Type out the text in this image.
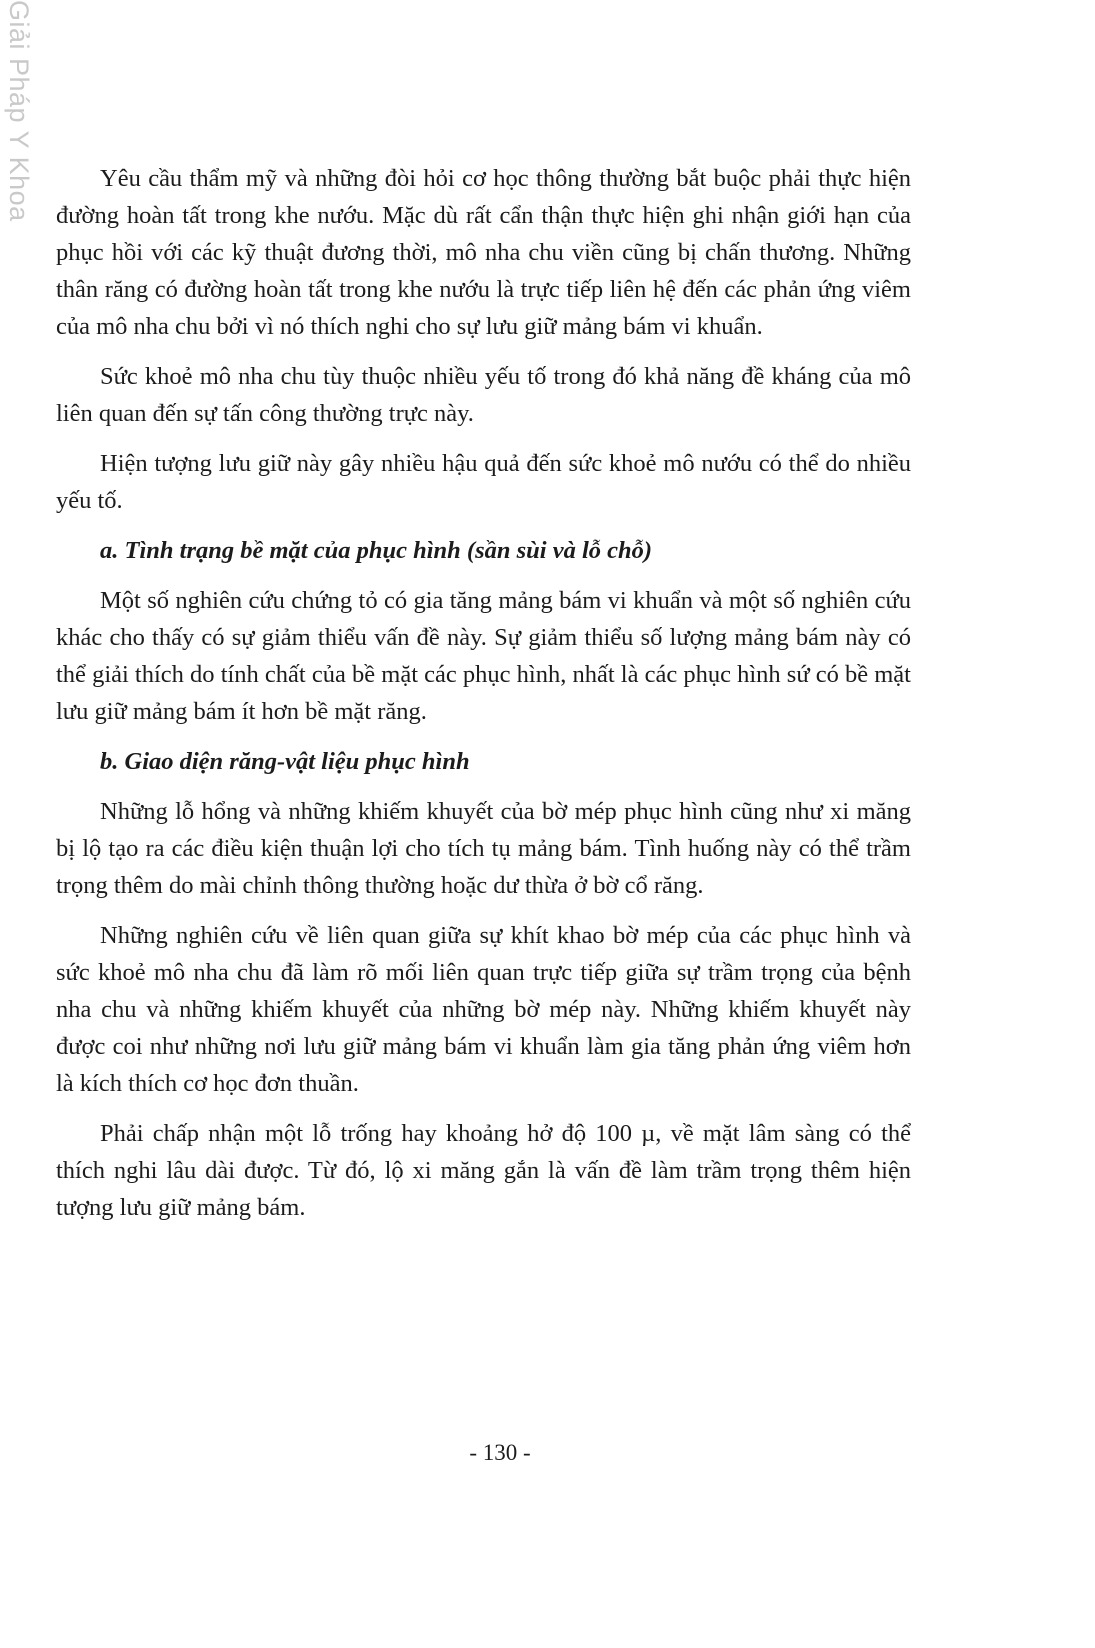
Giải Pháp Y Khoa	Yêu cầu thẩm mỹ và những đòi hỏi cơ học thông thường bắt buộc phải thực hiện đường hoàn tất trong khe nướu. Mặc dù rất cẩn thận thực hiện ghi nhận giới hạn của phục hồi với các kỹ thuật đương thời, mô nha chu viền cũng bị chấn thương. Những thân răng có đường hoàn tất trong khe nướu là trực tiếp liên hệ đến các phản ứng viêm của mô nha chu bởi vì nó thích nghi cho sự lưu giữ mảng bám vi khuẩn.

Sức khoẻ mô nha chu tùy thuộc nhiều yếu tố trong đó khả năng đề kháng của mô liên quan đến sự tấn công thường trực này.

Hiện tượng lưu giữ này gây nhiều hậu quả đến sức khoẻ mô nướu có thể do nhiều yếu tố.

a. Tình trạng bề mặt của phục hình (sần sùi và lỗ chỗ)

Một số nghiên cứu chứng tỏ có gia tăng mảng bám vi khuẩn và một số nghiên cứu khác cho thấy có sự giảm thiểu vấn đề này. Sự giảm thiểu số lượng mảng bám này có thể giải thích do tính chất của bề mặt các phục hình, nhất là các phục hình sứ có bề mặt lưu giữ mảng bám ít hơn bề mặt răng.

b. Giao diện răng-vật liệu phục hình

Những lỗ hổng và những khiếm khuyết của bờ mép phục hình cũng như xi măng bị lộ tạo ra các điều kiện thuận lợi cho tích tụ mảng bám. Tình huống này có thể trầm trọng thêm do mài chỉnh thông thường hoặc dư thừa ở bờ cổ răng.

Những nghiên cứu về liên quan giữa sự khít khao bờ mép của các phục hình và sức khoẻ mô nha chu đã làm rõ mối liên quan trực tiếp giữa sự trầm trọng của bệnh nha chu và những khiếm khuyết của những bờ mép này. Những khiếm khuyết này được coi như những nơi lưu giữ mảng bám vi khuẩn làm gia tăng phản ứng viêm hơn là kích thích cơ học đơn thuần.

Phải chấp nhận một lỗ trống hay khoảng hở độ 100 µ, về mặt lâm sàng có thể thích nghi lâu dài được. Từ đó, lộ xi măng gắn là vấn đề làm trầm trọng thêm hiện tượng lưu giữ mảng bám.

- 130 -
